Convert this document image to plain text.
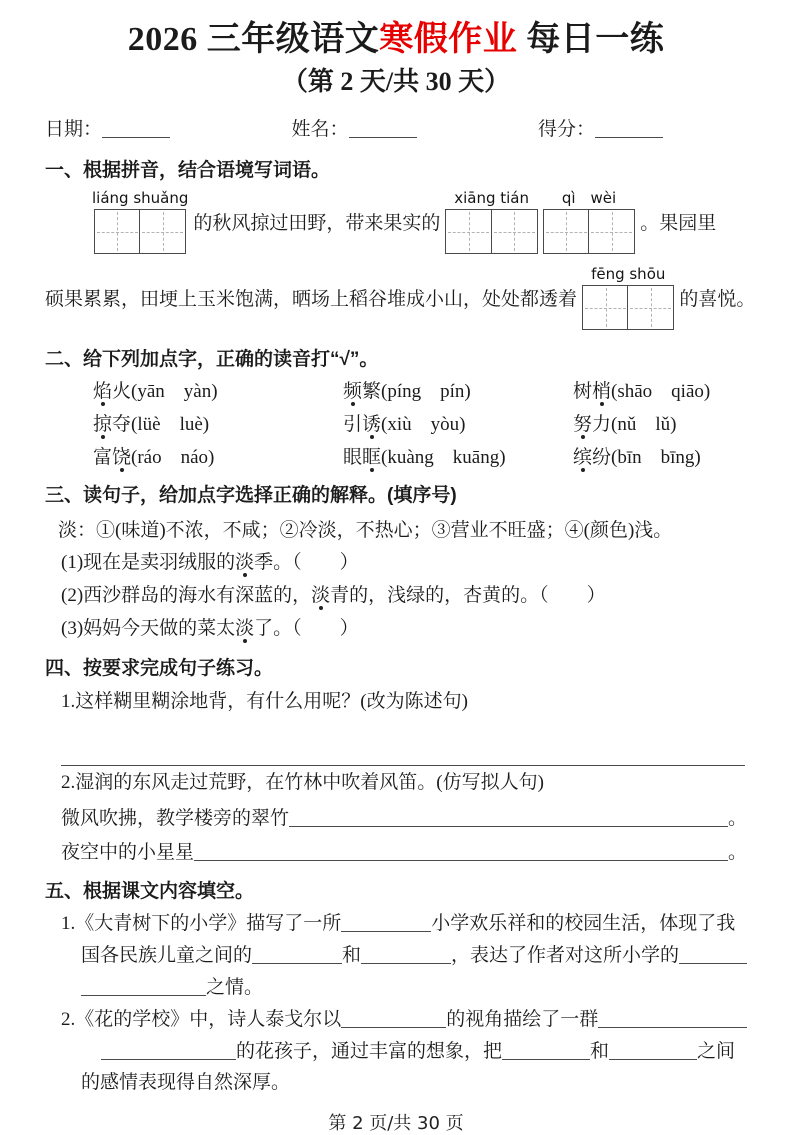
2026 三年级语文寒假作业 每日一练
（第 2 天/共 30 天）
日期：	姓名：	得分：
一、根据拼音，结合语境写词语。
liáng shuǎng
的秋风掠过田野，带来果实的
xiāng tián qì　wèi
。果园里
硕果累累，田埂上玉米饱满，晒场上稻谷堆成小山，处处都透着
fēng shōu
的喜悦。
二、给下列加点字，正确的读音打“√”。
焰火(yān　yàn)	频繁(píng　pín)	树梢(shāo　qiāo)
掠夺(lüè　luè)	引诱(xiù　yòu)	努力(nǔ　lǔ)
富饶(ráo　náo)	眼眶(kuàng　kuāng)	缤纷(bīn　bīng)
三、读句子，给加点字选择正确的解释。(填序号)
淡：①(味道)不浓，不咸；②冷淡，不热心；③营业不旺盛；④(颜色)浅。
(1)现在是卖羽绒服的淡季。（　　）
(2)西沙群岛的海水有深蓝的，淡青的，浅绿的，杏黄的。（　　）
(3)妈妈今天做的菜太淡了。（　　）
四、按要求完成句子练习。
1.这样糊里糊涂地背，有什么用呢？(改为陈述句)
2.湿润的东风走过荒野，在竹林中吹着风笛。(仿写拟人句)
微风吹拂，教学楼旁的翠竹	。
夜空中的小星星	。
五、根据课文内容填空。
1.《大青树下的小学》描写了一所	小学欢乐祥和的校园生活，体现了我
国各民族儿童之间的	和	，表达了作者对这所小学的
之情。
2.《花的学校》中，诗人泰戈尔以	的视角描绘了一群
的花孩子，通过丰富的想象，把	和	之间
的感情表现得自然深厚。
第 2 页/共 30 页
